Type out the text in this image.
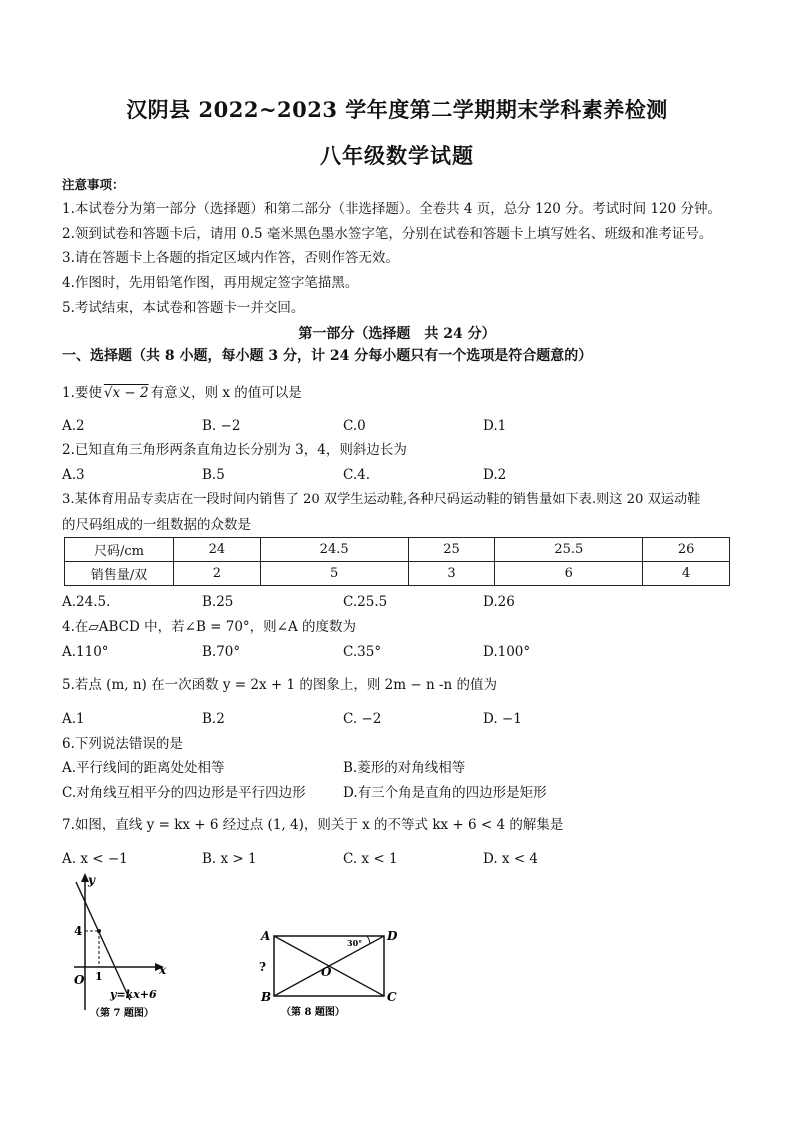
汉阴县 2022~2023 学年度第二学期期末学科素养检测
八年级数学试题
注意事项：
1.本试卷分为第一部分（选择题）和第二部分（非选择题）。全卷共 4 页，总分 120 分。考试时间 120 分钟。
2.领到试卷和答题卡后，请用 0.5 毫米黑色墨水签字笔，分别在试卷和答题卡上填写姓名、班级和准考证号。
3.请在答题卡上各题的指定区域内作答，否则作答无效。
4.作图时，先用铅笔作图，再用规定签字笔描黑。
5.考试结束，本试卷和答题卡一并交回。
第一部分（选择题　共 24 分）
一、选择题（共 8 小题，每小题 3 分，计 24 分每小题只有一个选项是符合题意的）
1.要使 √x − 2 有意义，则 x 的值可以是
A.2	B. −2	C.0	D.1
2.已知直角三角形两条直角边长分别为 3，4，则斜边长为
A.3	B.5	C.4.	D.2
3.某体育用品专卖店在一段时间内销售了 20 双学生运动鞋,各种尺码运动鞋的销售量如下表.则这 20 双运动鞋
的尺码组成的一组数据的众数是
尺码/cm	24	24.5	25	25.5	26
销售量/双	2	5	3	6	4
A.24.5.	B.25	C.25.5	D.26
4.在▱ABCD 中，若∠B = 70°，则∠A 的度数为
A.110°	B.70°	C.35°	D.100°
5.若点 (m, n) 在一次函数 y = 2x + 1 的图象上，则 2m − n -n 的值为
A.1	B.2	C. −2	D. −1
6.下列说法错误的是
A.平行线间的距离处处相等	B.菱形的对角线相等
C.对角线互相平分的四边形是平行四边形	D.有三个角是直角的四边形是矩形
7.如图，直线 y = kx + 6 经过点 (1, 4)，则关于 x 的不等式 kx + 6 < 4 的解集是
A. x < −1	B. x > 1	C. x < 1	D. x < 4
y
x
O
4
1
y=kx+6
（第 7 题图）
A
B	C
D
O
?
30°
（第 8 题图）
